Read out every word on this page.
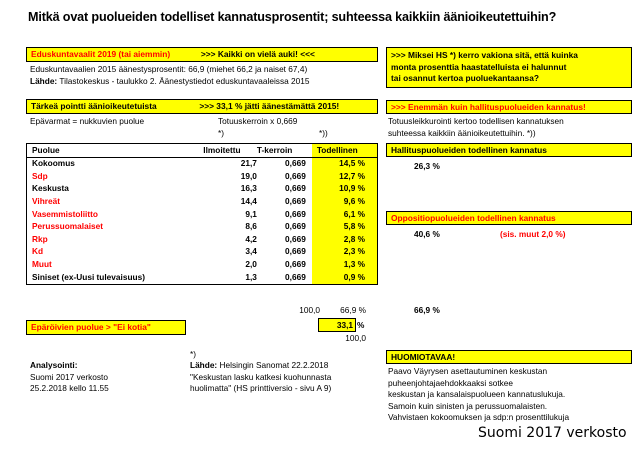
Mitkä ovat puolueiden todelliset kannatusprosentit; suhteessa kaikkiin äänioikeutettuihin?
Eduskuntavaalit 2019 (tai aiemmin)	>>> Kaikki on vielä auki! <<<
Eduskuntavaalien 2015 äänestysprosentit: 66,9 (miehet 66,2 ja naiset 67,4)
Lähde: Tilastokeskus - taulukko 2. Äänestystiedot eduskuntavaaleissa 2015
Tärkeä pointti äänioikeutetuista	>>> 33,1 % jätti äänestämättä 2015!
Epävarmat = nukkuvien puolue	Totuuskerroin x 0,669
*)	*))
Puolue	Ilmoitettu	T-kerroin	Todellinen
Kokoomus	21,7	0,669	14,5 %
Sdp	19,0	0,669	12,7 %
Keskusta	16,3	0,669	10,9 %
Vihreät	14,4	0,669	9,6 %
Vasemmistoliitto	9,1	0,669	6,1 %
Perussuomalaiset	8,6	0,669	5,8 %
Rkp	4,2	0,669	2,8 %
Kd	3,4	0,669	2,3 %
Muut	2,0	0,669	1,3 %
Siniset (ex-Uusi tulevaisuus)	1,3	0,669	0,9 %
100,0	66,9 %
Epäröivien puolue > "Ei kotia"	33,1 %
100,0
*)
Analysointi:
Suomi 2017 verkosto
25.2.2018 kello 11.55
Lähde: Helsingin Sanomat 22.2.2018
"Keskustan lasku katkesi kuohunnasta
huolimatta" (HS printtiversio - sivu A 9)
>>> Miksei HS *) kerro vakiona sitä, että kuinka
monta prosenttia haastatelluista ei halunnut
tai osannut kertoa puoluekantaansa?
>>> Enemmän kuin hallituspuolueiden kannatus!
Totuusleikkurointi kertoo todellisen kannatuksen
suhteessa kaikkiin äänioikeutettuihin. *))
Hallituspuolueiden todellinen kannatus
26,3 %
Oppositiopuolueiden todellinen kannatus
40,6 %	(sis. muut 2,0 %)
66,9 %
HUOMIOTAVAA!
Paavo Väyrysen asettautuminen keskustan
puheenjohtajaehdokkaaksi sotkee
keskustan ja kansalaispuolueen kannatuslukuja.
Samoin kuin sinisten ja perussuomalaisten.
Vahvistaen kokoomuksen ja sdp:n prosenttilukuja
Suomi 2017 verkosto
